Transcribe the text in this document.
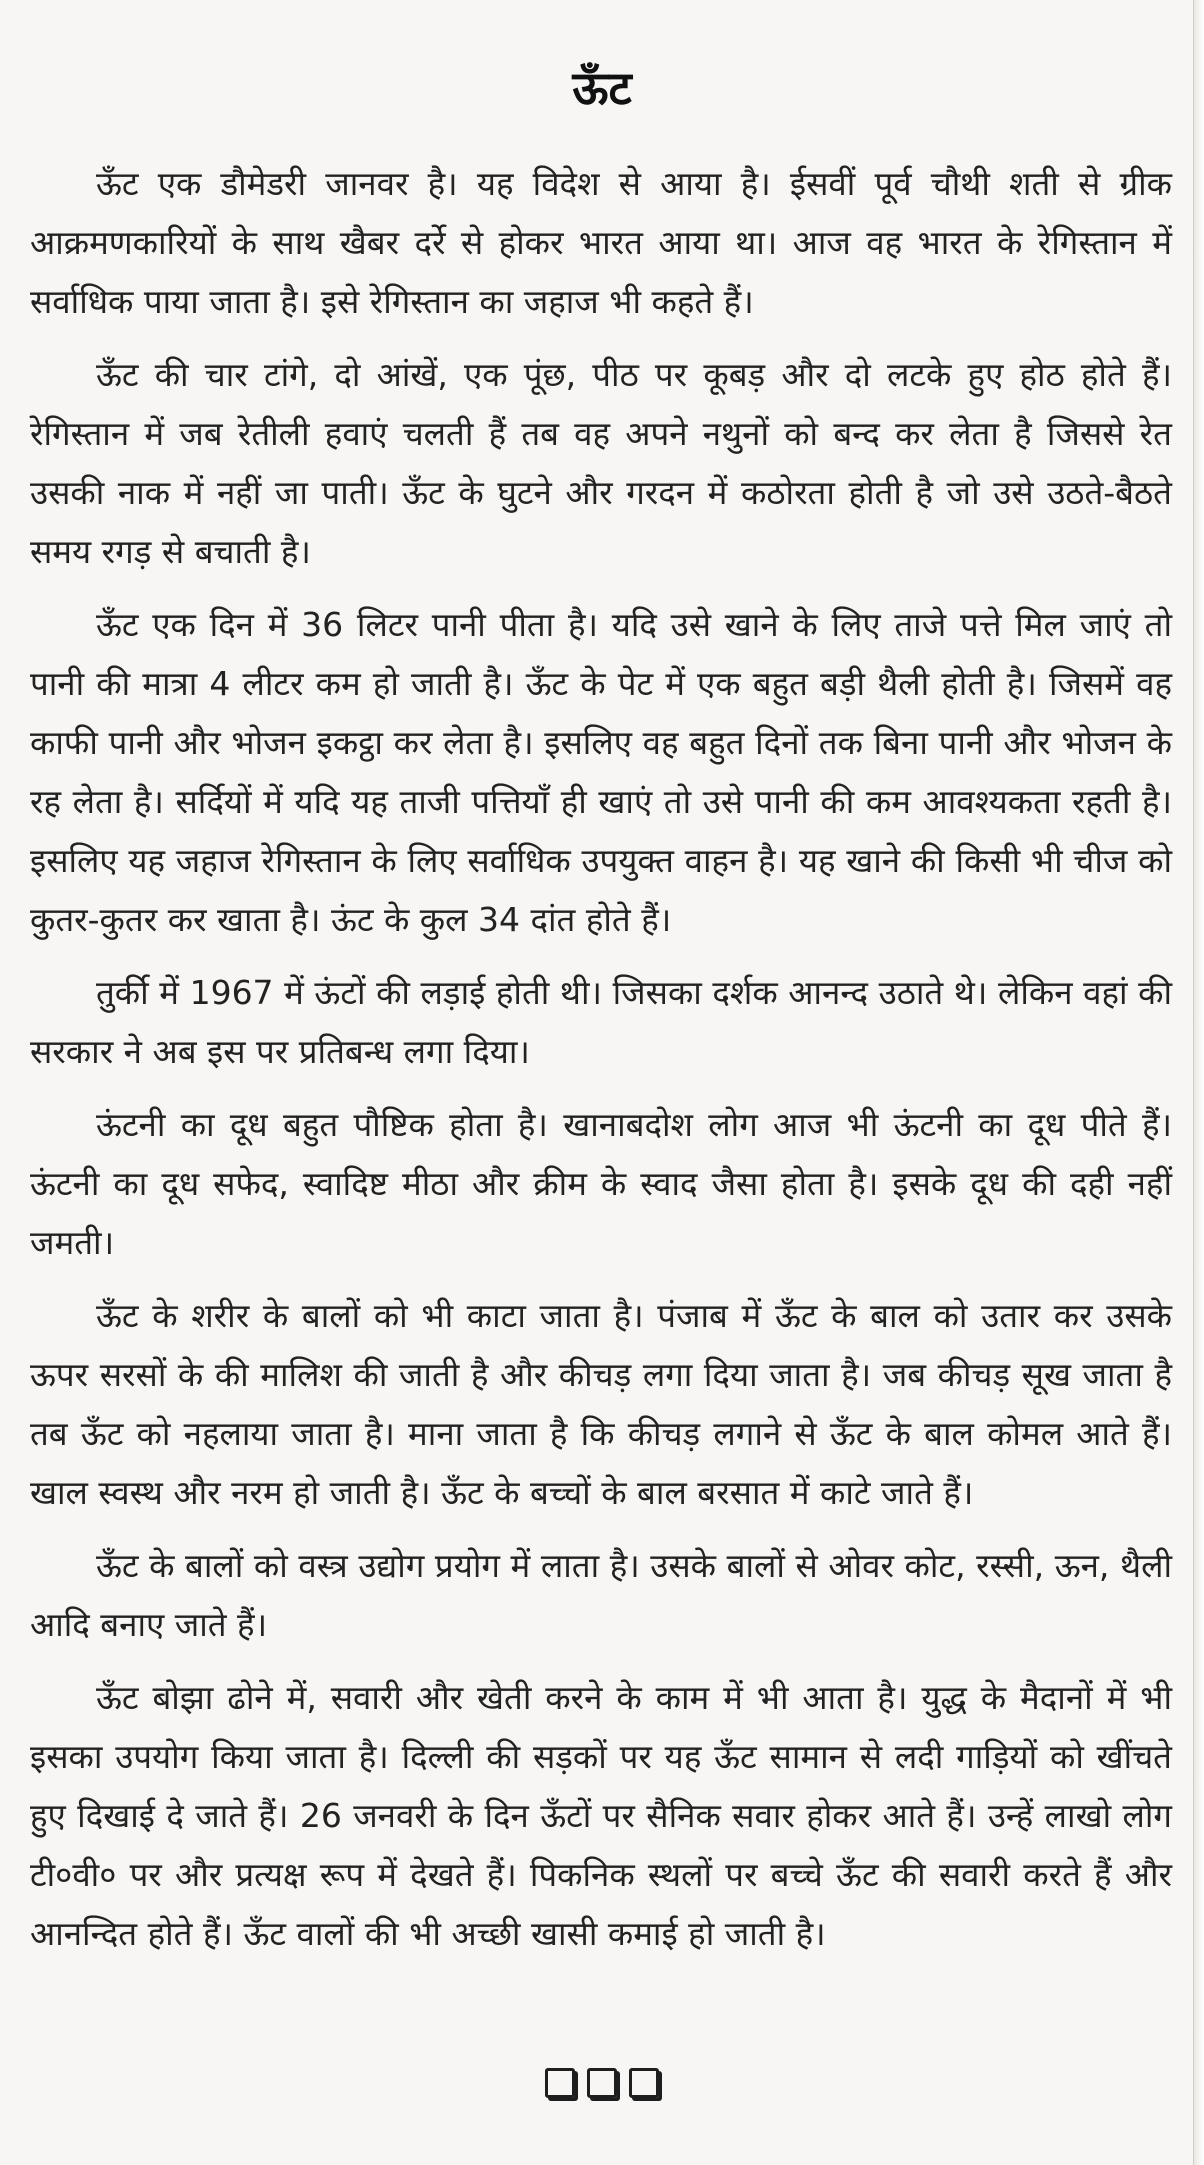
ऊँट

ऊँट एक डौमेडरी जानवर है। यह विदेश से आया है। ईसवीं पूर्व चौथी शती से ग्रीक आक्रमणकारियों के साथ खैबर दर्रे से होकर भारत आया था। आज वह भारत के रेगिस्तान में सर्वाधिक पाया जाता है। इसे रेगिस्तान का जहाज भी कहते हैं।

ऊँट की चार टांगे, दो आंखें, एक पूंछ, पीठ पर कूबड़ और दो लटके हुए होठ होते हैं। रेगिस्तान में जब रेतीली हवाएं चलती हैं तब वह अपने नथुनों को बन्द कर लेता है जिससे रेत उसकी नाक में नहीं जा पाती। ऊँट के घुटने और गरदन में कठोरता होती है जो उसे उठते-बैठते समय रगड़ से बचाती है।

ऊँट एक दिन में 36 लिटर पानी पीता है। यदि उसे खाने के लिए ताजे पत्ते मिल जाएं तो पानी की मात्रा 4 लीटर कम हो जाती है। ऊँट के पेट में एक बहुत बड़ी थैली होती है। जिसमें वह काफी पानी और भोजन इकट्ठा कर लेता है। इसलिए वह बहुत दिनों तक बिना पानी और भोजन के रह लेता है। सर्दियों में यदि यह ताजी पत्तियाँ ही खाएं तो उसे पानी की कम आवश्यकता रहती है। इसलिए यह जहाज रेगिस्तान के लिए सर्वाधिक उपयुक्त वाहन है। यह खाने की किसी भी चीज को कुतर-कुतर कर खाता है। ऊंट के कुल 34 दांत होते हैं।

तुर्की में 1967 में ऊंटों की लड़ाई होती थी। जिसका दर्शक आनन्द उठाते थे। लेकिन वहां की सरकार ने अब इस पर प्रतिबन्ध लगा दिया।

ऊंटनी का दूध बहुत पौष्टिक होता है। खानाबदोश लोग आज भी ऊंटनी का दूध पीते हैं। ऊंटनी का दूध सफेद, स्वादिष्ट मीठा और क्रीम के स्वाद जैसा होता है। इसके दूध की दही नहीं जमती।

ऊँट के शरीर के बालों को भी काटा जाता है। पंजाब में ऊँट के बाल को उतार कर उसके ऊपर सरसों के की मालिश की जाती है और कीचड़ लगा दिया जाता है। जब कीचड़ सूख जाता है तब ऊँट को नहलाया जाता है। माना जाता है कि कीचड़ लगाने से ऊँट के बाल कोमल आते हैं। खाल स्वस्थ और नरम हो जाती है। ऊँट के बच्चों के बाल बरसात में काटे जाते हैं।

ऊँट के बालों को वस्त्र उद्योग प्रयोग में लाता है। उसके बालों से ओवर कोट, रस्सी, ऊन, थैली आदि बनाए जाते हैं।

ऊँट बोझा ढोने में, सवारी और खेती करने के काम में भी आता है। युद्ध के मैदानों में भी इसका उपयोग किया जाता है। दिल्ली की सड़कों पर यह ऊँट सामान से लदी गाड़ियों को खींचते हुए दिखाई दे जाते हैं। 26 जनवरी के दिन ऊँटों पर सैनिक सवार होकर आते हैं। उन्हें लाखो लोग टी०वी० पर और प्रत्यक्ष रूप में देखते हैं। पिकनिक स्थलों पर बच्चे ऊँट की सवारी करते हैं और आनन्दित होते हैं। ऊँट वालों की भी अच्छी खासी कमाई हो जाती है।
